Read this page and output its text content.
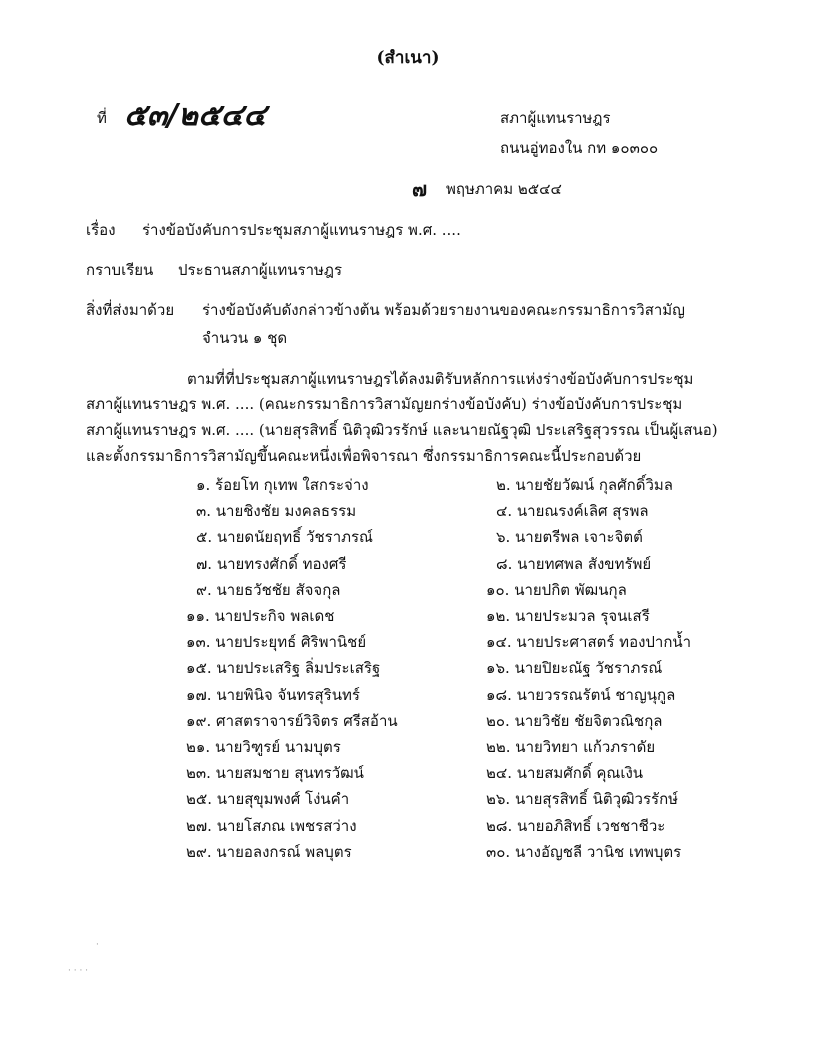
(สำเนา)
ที่ ๕๓/๒๕๔๔	สภาผู้แทนราษฎร
ถนนอู่ทองใน กท ๑๐๓๐๐
๗ พฤษภาคม ๒๕๔๔
เรื่อง ร่างข้อบังคับการประชุมสภาผู้แทนราษฎร พ.ศ. ....
กราบเรียน ประธานสภาผู้แทนราษฎร
สิ่งที่ส่งมาด้วย ร่างข้อบังคับดังกล่าวข้างต้น พร้อมด้วยรายงานของคณะกรรมาธิการวิสามัญ
จำนวน ๑ ชุด
ตามที่ที่ประชุมสภาผู้แทนราษฎรได้ลงมติรับหลักการแห่งร่างข้อบังคับการประชุม
สภาผู้แทนราษฎร พ.ศ. .... (คณะกรรมาธิการวิสามัญยกร่างข้อบังคับ) ร่างข้อบังคับการประชุม
สภาผู้แทนราษฎร พ.ศ. .... (นายสุรสิทธิ์ นิติวุฒิวรรักษ์ และนายณัฐวุฒิ ประเสริฐสุวรรณ เป็นผู้เสนอ)
และตั้งกรรมาธิการวิสามัญขึ้นคณะหนึ่งเพื่อพิจารณา ซึ่งกรรมาธิการคณะนี้ประกอบด้วย
๑. ร้อยโท กุเทพ ใสกระจ่าง	๒. นายชัยวัฒน์ กุลศักดิ์วิมล
๓. นายชิงชัย มงคลธรรม	๔. นายณรงค์เลิศ สุรพล
๕. นายดนัยฤทธิ์ วัชราภรณ์	๖. นายตรีพล เจาะจิตต์
๗. นายทรงศักดิ์ ทองศรี	๘. นายทศพล สังขทรัพย์
๙. นายธวัชชัย สัจจกุล	๑๐. นายปกิต พัฒนกุล
๑๑. นายประกิจ พลเดช	๑๒. นายประมวล รุจนเสรี
๑๓. นายประยุทธ์ ศิริพานิชย์	๑๔. นายประศาสตร์ ทองปากน้ำ
๑๕. นายประเสริฐ ลิ่มประเสริฐ	๑๖. นายปิยะณัฐ วัชราภรณ์
๑๗. นายพินิจ จันทรสุรินทร์	๑๘. นายวรรณรัตน์ ชาญนุกูล
๑๙. ศาสตราจารย์วิจิตร ศรีสอ้าน	๒๐. นายวิชัย ชัยจิตวณิชกุล
๒๑. นายวิฑูรย์ นามบุตร	๒๒. นายวิทยา แก้วภราดัย
๒๓. นายสมชาย สุนทรวัฒน์	๒๔. นายสมศักดิ์ คุณเงิน
๒๕. นายสุขุมพงศ์ โง่นคำ	๒๖. นายสุรสิทธิ์ นิติวุฒิวรรักษ์
๒๗. นายโสภณ เพชรสว่าง	๒๘. นายอภิสิทธิ์ เวชชาชีวะ
๒๙. นายอลงกรณ์ พลบุตร	๓๐. นางอัญชลี วานิช เทพบุตร
·
· · · ·
